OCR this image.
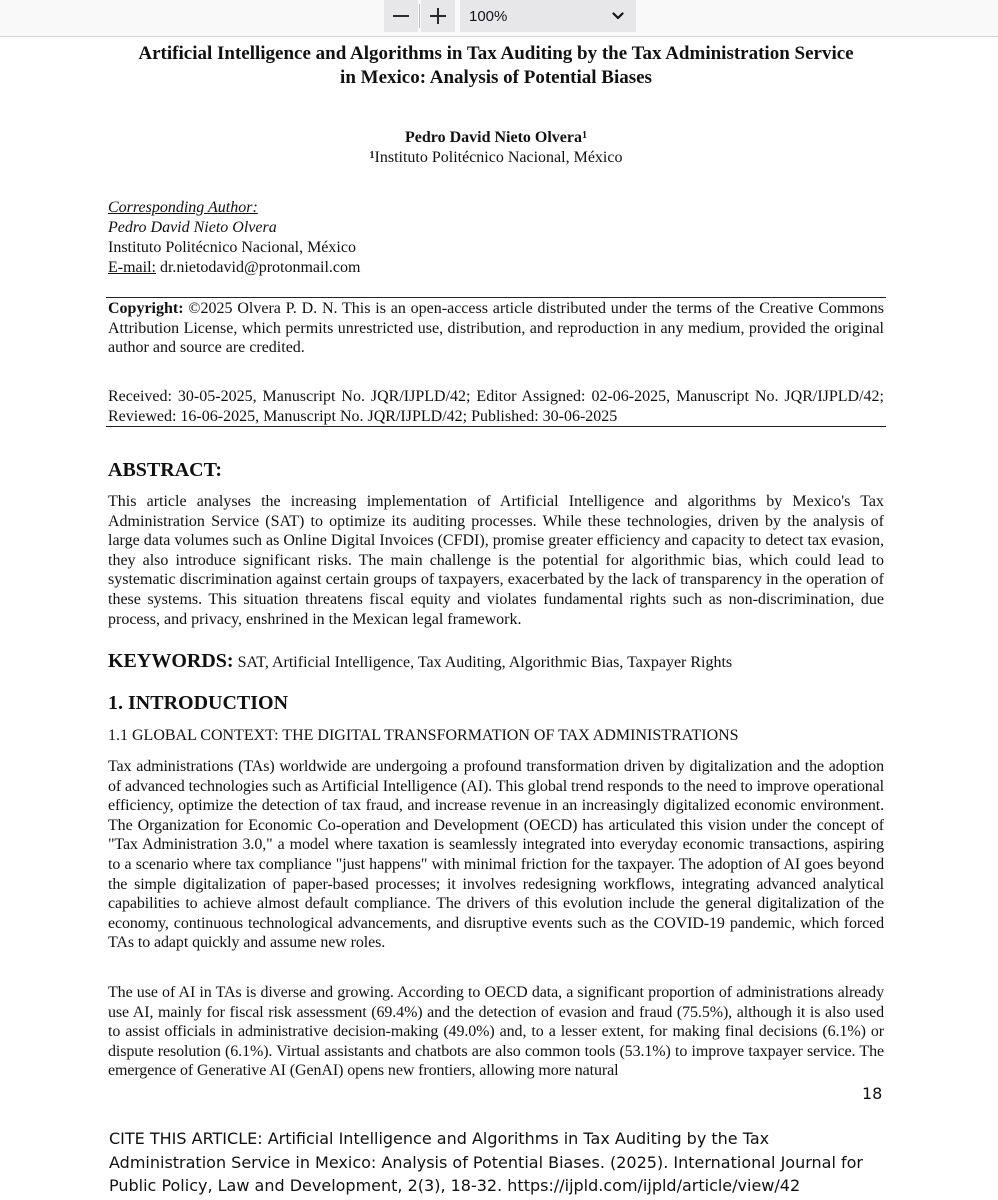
100%
Artificial Intelligence and Algorithms in Tax Auditing by the Tax Administration Service
in Mexico: Analysis of Potential Biases
Pedro David Nieto Olvera$^1$
$^1$Instituto Politécnico Nacional, México
Corresponding Author:
Pedro David Nieto Olvera
Instituto Politécnico Nacional, México
E-mail: dr.nietodavid@protonmail.com

Copyright: ©2025 Olvera P. D. N. This is an open-access article distributed under the terms of the Creative Commons Attribution License, which permits unrestricted use, distribution, and reproduction in any medium, provided the original author and source are credited.

Received: 30-05-2025, Manuscript No. JQR/IJPLD/42; Editor Assigned: 02-06-2025, Manuscript No. JQR/IJPLD/42; Reviewed: 16-06-2025, Manuscript No. JQR/IJPLD/42; Published: 30-06-2025

ABSTRACT:

This article analyses the increasing implementation of Artificial Intelligence and algorithms by Mexico's Tax Administration Service (SAT) to optimize its auditing processes. While these technologies, driven by the analysis of large data volumes such as Online Digital Invoices (CFDI), promise greater efficiency and capacity to detect tax evasion, they also introduce significant risks. The main challenge is the potential for algorithmic bias, which could lead to systematic discrimination against certain groups of taxpayers, exacerbated by the lack of transparency in the operation of these systems. This situation threatens fiscal equity and violates fundamental rights such as non-discrimination, due process, and privacy, enshrined in the Mexican legal framework.

KEYWORDS: SAT, Artificial Intelligence, Tax Auditing, Algorithmic Bias, Taxpayer Rights
1. INTRODUCTION
1.1 GLOBAL CONTEXT: THE DIGITAL TRANSFORMATION OF TAX ADMINISTRATIONS

Tax administrations (TAs) worldwide are undergoing a profound transformation driven by digitalization and the adoption of advanced technologies such as Artificial Intelligence (AI). This global trend responds to the need to improve operational efficiency, optimize the detection of tax fraud, and increase revenue in an increasingly digitalized economic environment. The Organization for Economic Co-operation and Development (OECD) has articulated this vision under the concept of "Tax Administration 3.0," a model where taxation is seamlessly integrated into everyday economic transactions, aspiring to a scenario where tax compliance "just happens" with minimal friction for the taxpayer. The adoption of AI goes beyond the simple digitalization of paper-based processes; it involves redesigning workflows, integrating advanced analytical capabilities to achieve almost default compliance. The drivers of this evolution include the general digitalization of the economy, continuous technological advancements, and disruptive events such as the COVID-19 pandemic, which forced TAs to adapt quickly and assume new roles.

The use of AI in TAs is diverse and growing. According to OECD data, a significant proportion of administrations already use AI, mainly for fiscal risk assessment (69.4%) and the detection of evasion and fraud (75.5%), although it is also used to assist officials in administrative decision-making (49.0%) and, to a lesser extent, for making final decisions (6.1%) or dispute resolution (6.1%). Virtual assistants and chatbots are also common tools (53.1%) to improve taxpayer service. The emergence of Generative AI (GenAI) opens new frontiers, allowing more natural

18

CITE THIS ARTICLE: Artificial Intelligence and Algorithms in Tax Auditing by the Tax Administration Service in Mexico: Analysis of Potential Biases. (2025). International Journal for Public Policy, Law and Development, 2(3), 18-32. https://ijpld.com/ijpld/article/view/42
